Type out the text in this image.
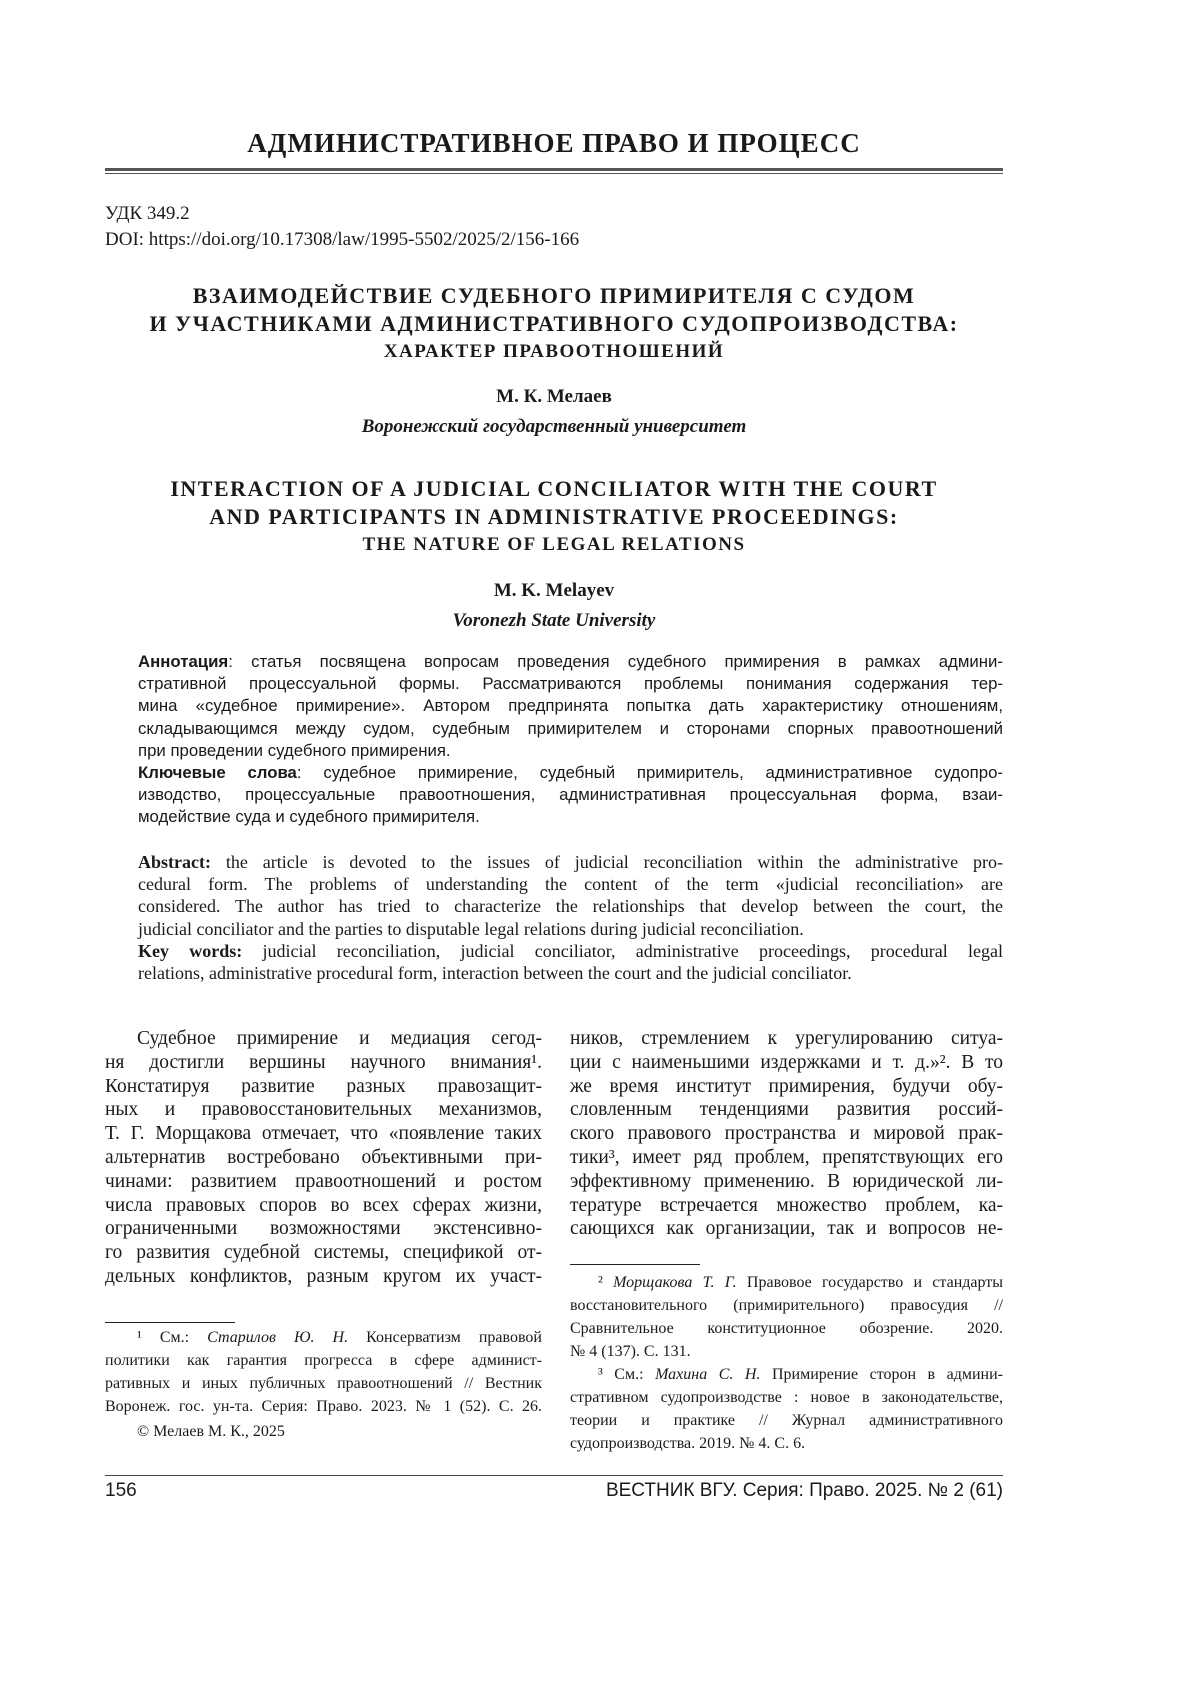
АДМИНИСТРАТИВНОЕ ПРАВО И ПРОЦЕСС
УДК 349.2
DOI: https://doi.org/10.17308/law/1995-5502/2025/2/156-166
ВЗАИМОДЕЙСТВИЕ СУДЕБНОГО ПРИМИРИТЕЛЯ С СУДОМ
И УЧАСТНИКАМИ АДМИНИСТРАТИВНОГО СУДОПРОИЗВОДСТВА:
ХАРАКТЕР ПРАВООТНОШЕНИЙ
М. К. Мелаев
Воронежский государственный университет
INTERACTION OF A JUDICIAL CONCILIATOR WITH THE COURT
AND PARTICIPANTS IN ADMINISTRATIVE PROCEEDINGS:
THE NATURE OF LEGAL RELATIONS
M. K. Melayev
Voronezh State University
Аннотация: статья посвящена вопросам проведения судебного примирения в рамках админи-
стративной процессуальной формы. Рассматриваются проблемы понимания содержания тер-
мина «судебное примирение». Автором предпринята попытка дать характеристику отношениям,
складывающимся между судом, судебным примирителем и сторонами спорных правоотношений
при проведении судебного примирения.
Ключевые слова: судебное примирение, судебный примиритель, административное судопро-
изводство, процессуальные правоотношения, административная процессуальная форма, взаи-
модействие суда и судебного примирителя.
Abstract: the article is devoted to the issues of judicial reconciliation within the administrative pro-
cedural form. The problems of understanding the content of the term «judicial reconciliation» are
considered. The author has tried to characterize the relationships that develop between the court, the
judicial conciliator and the parties to disputable legal relations during judicial reconciliation.
Key words: judicial reconciliation, judicial conciliator, administrative proceedings, procedural legal
relations, administrative procedural form, interaction between the court and the judicial conciliator.
Судебное примирение и медиация сегод-
ня достигли вершины научного внимания¹.
Констатируя развитие разных правозащит-
ных и правовосстановительных механизмов,
Т. Г. Морщакова отмечает, что «появление таких
альтернатив востребовано объективными при-
чинами: развитием правоотношений и ростом
числа правовых споров во всех сферах жизни,
ограниченными возможностями экстенсивно-
го развития судебной системы, спецификой от-
дельных конфликтов, разным кругом их участ-
ников, стремлением к урегулированию ситуа-
ции с наименьшими издержками и т. д.»². В то
же время институт примирения, будучи обу-
словленным тенденциями развития россий-
ского правового пространства и мировой прак-
тики³, имеет ряд проблем, препятствующих его
эффективному применению. В юридической ли-
тературе встречается множество проблем, ка-
сающихся как организации, так и вопросов не-
¹ См.: Старилов Ю. Н. Консерватизм правовой
политики как гарантия прогресса в сфере админист-
ративных и иных публичных правоотношений // Вестник
Воронеж. гос. ун-та. Серия: Право. 2023. № 1 (52). С. 26.
© Мелаев М. К., 2025
² Морщакова Т. Г. Правовое государство и стандарты
восстановительного (примирительного) правосудия //
Сравнительное конституционное обозрение. 2020.
№ 4 (137). С. 131.
³ См.: Махина С. Н. Примирение сторон в админи-
стративном судопроизводстве : новое в законодательстве,
теории и практике // Журнал административного
судопроизводства. 2019. № 4. С. 6.
156	ВЕСТНИК ВГУ. Серия: Право. 2025. № 2 (61)
